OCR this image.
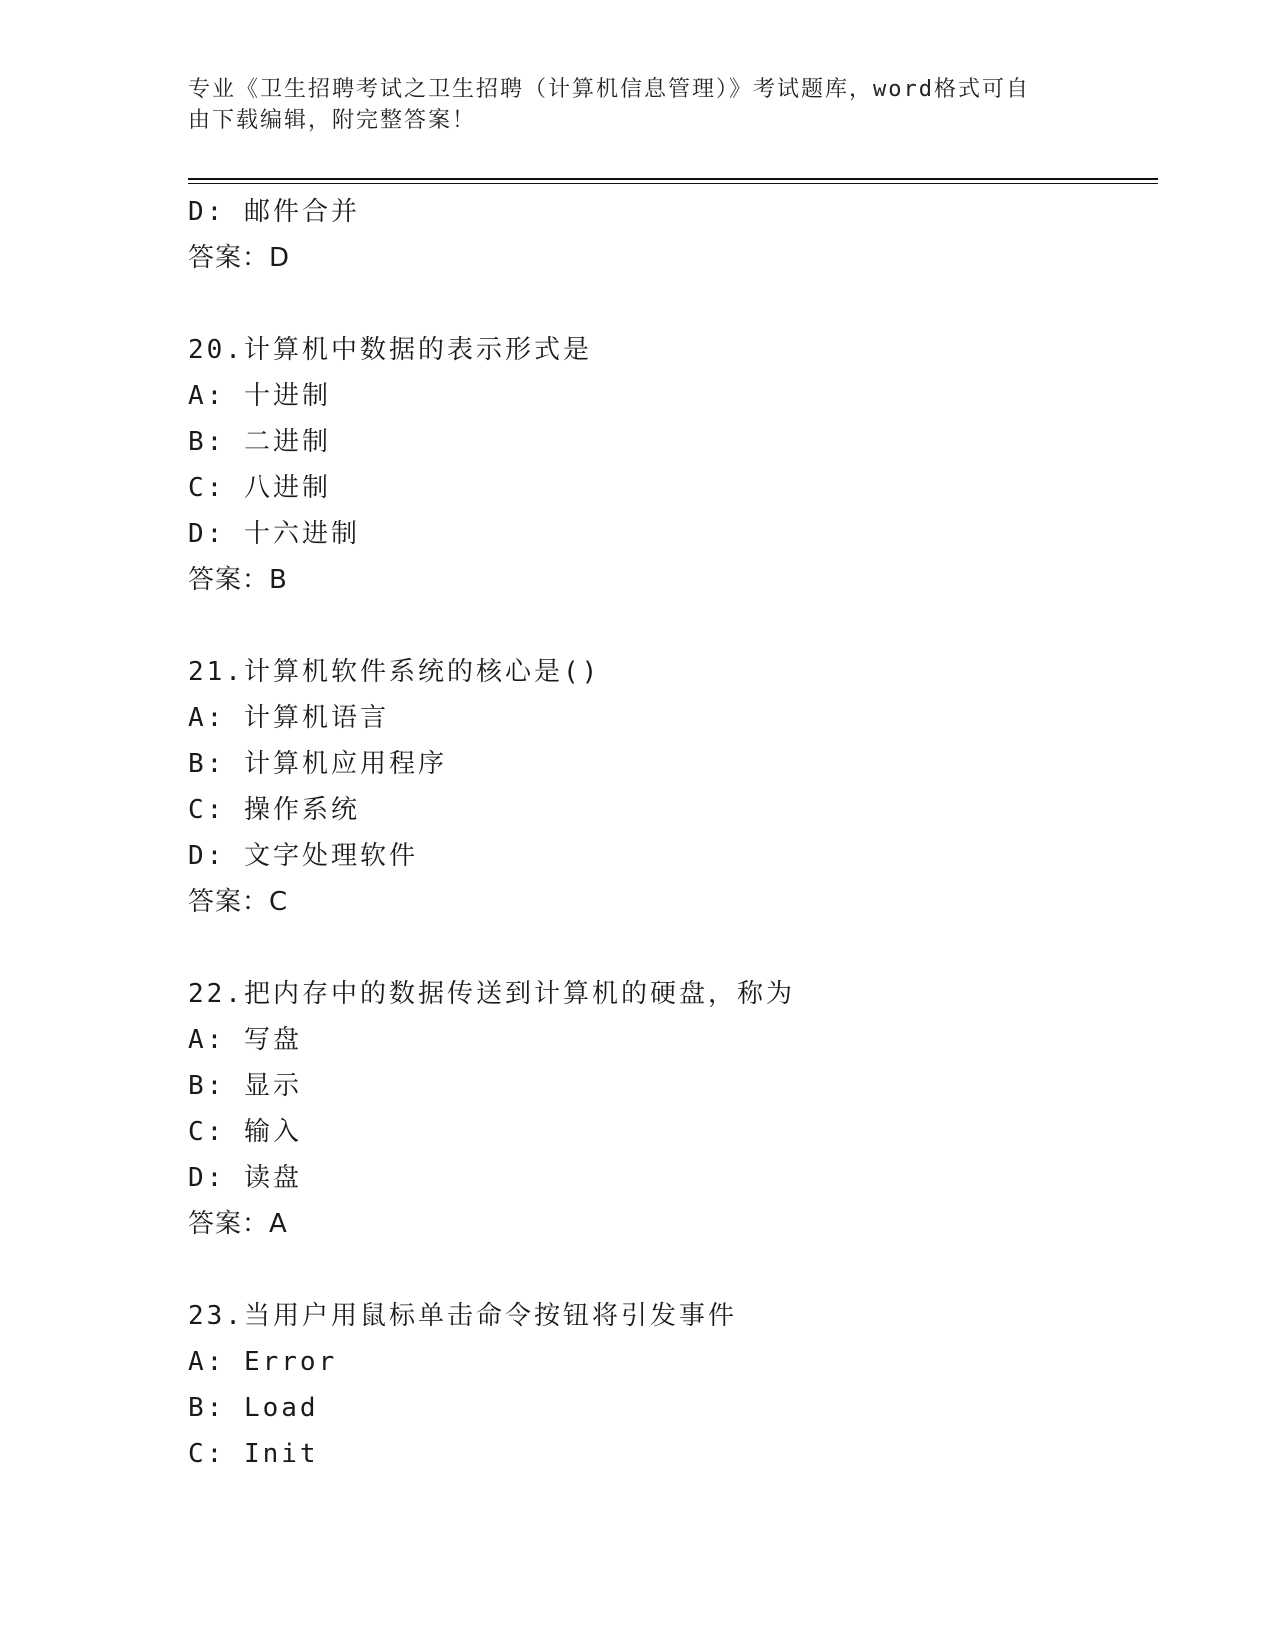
专业《卫生招聘考试之卫生招聘（计算机信息管理）》考试题库，word格式可自
由下载编辑，附完整答案！
D: 邮件合并
答案：D
20.计算机中数据的表示形式是
A: 十进制
B: 二进制
C: 八进制
D: 十六进制
答案：B
21.计算机软件系统的核心是()
A: 计算机语言
B: 计算机应用程序
C: 操作系统
D: 文字处理软件
答案：C
22.把内存中的数据传送到计算机的硬盘，称为
A: 写盘
B: 显示
C: 输入
D: 读盘
答案：A
23.当用户用鼠标单击命令按钮将引发事件
A: Error
B: Load
C: Init
